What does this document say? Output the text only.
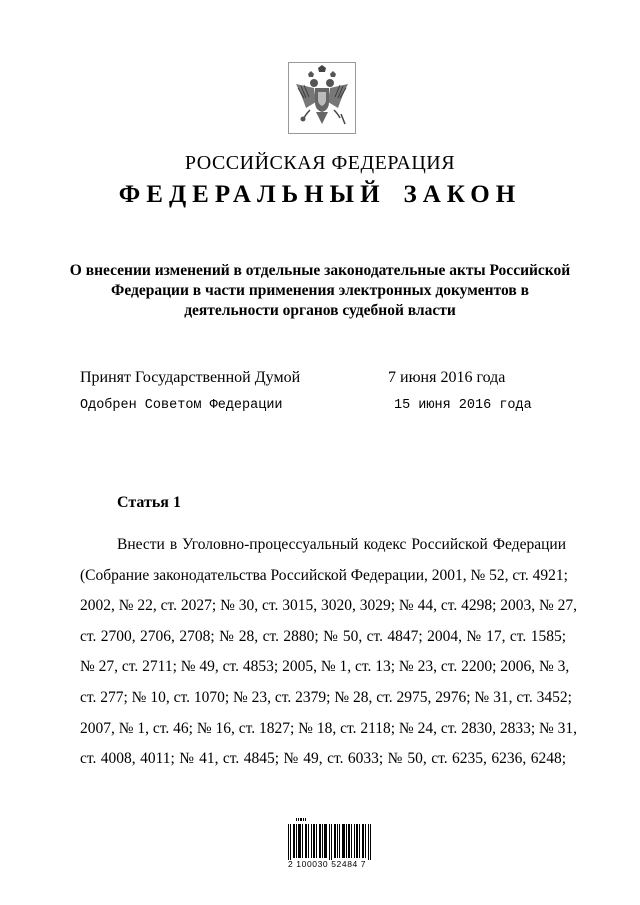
РОССИЙСКАЯ ФЕДЕРАЦИЯ
ФЕДЕРАЛЬНЫЙ ЗАКОН
О внесении изменений в отдельные законодательные акты Российской
Федерации в части применения электронных документов в
деятельности органов судебной власти
Принят Государственной Думой	7 июня 2016 года
Одобрен Советом Федерации	15 июня 2016 года
Статья 1
Внести в Уголовно-процессуальный кодекс Российской Федерации
(Собрание законодательства Российской Федерации, 2001, № 52, ст. 4921;
2002, № 22, ст. 2027; № 30, ст. 3015, 3020, 3029; № 44, ст. 4298; 2003, № 27,
ст. 2700, 2706, 2708; № 28, ст. 2880; № 50, ст. 4847; 2004, № 17, ст. 1585;
№ 27, ст. 2711; № 49, ст. 4853; 2005, № 1, ст. 13; № 23, ст. 2200; 2006, № 3,
ст. 277; № 10, ст. 1070; № 23, ст. 2379; № 28, ст. 2975, 2976; № 31, ст. 3452;
2007, № 1, ст. 46; № 16, ст. 1827; № 18, ст. 2118; № 24, ст. 2830, 2833; № 31,
ст. 4008, 4011; № 41, ст. 4845; № 49, ст. 6033; № 50, ст. 6235, 6236, 6248;
2 100030 52484 7
